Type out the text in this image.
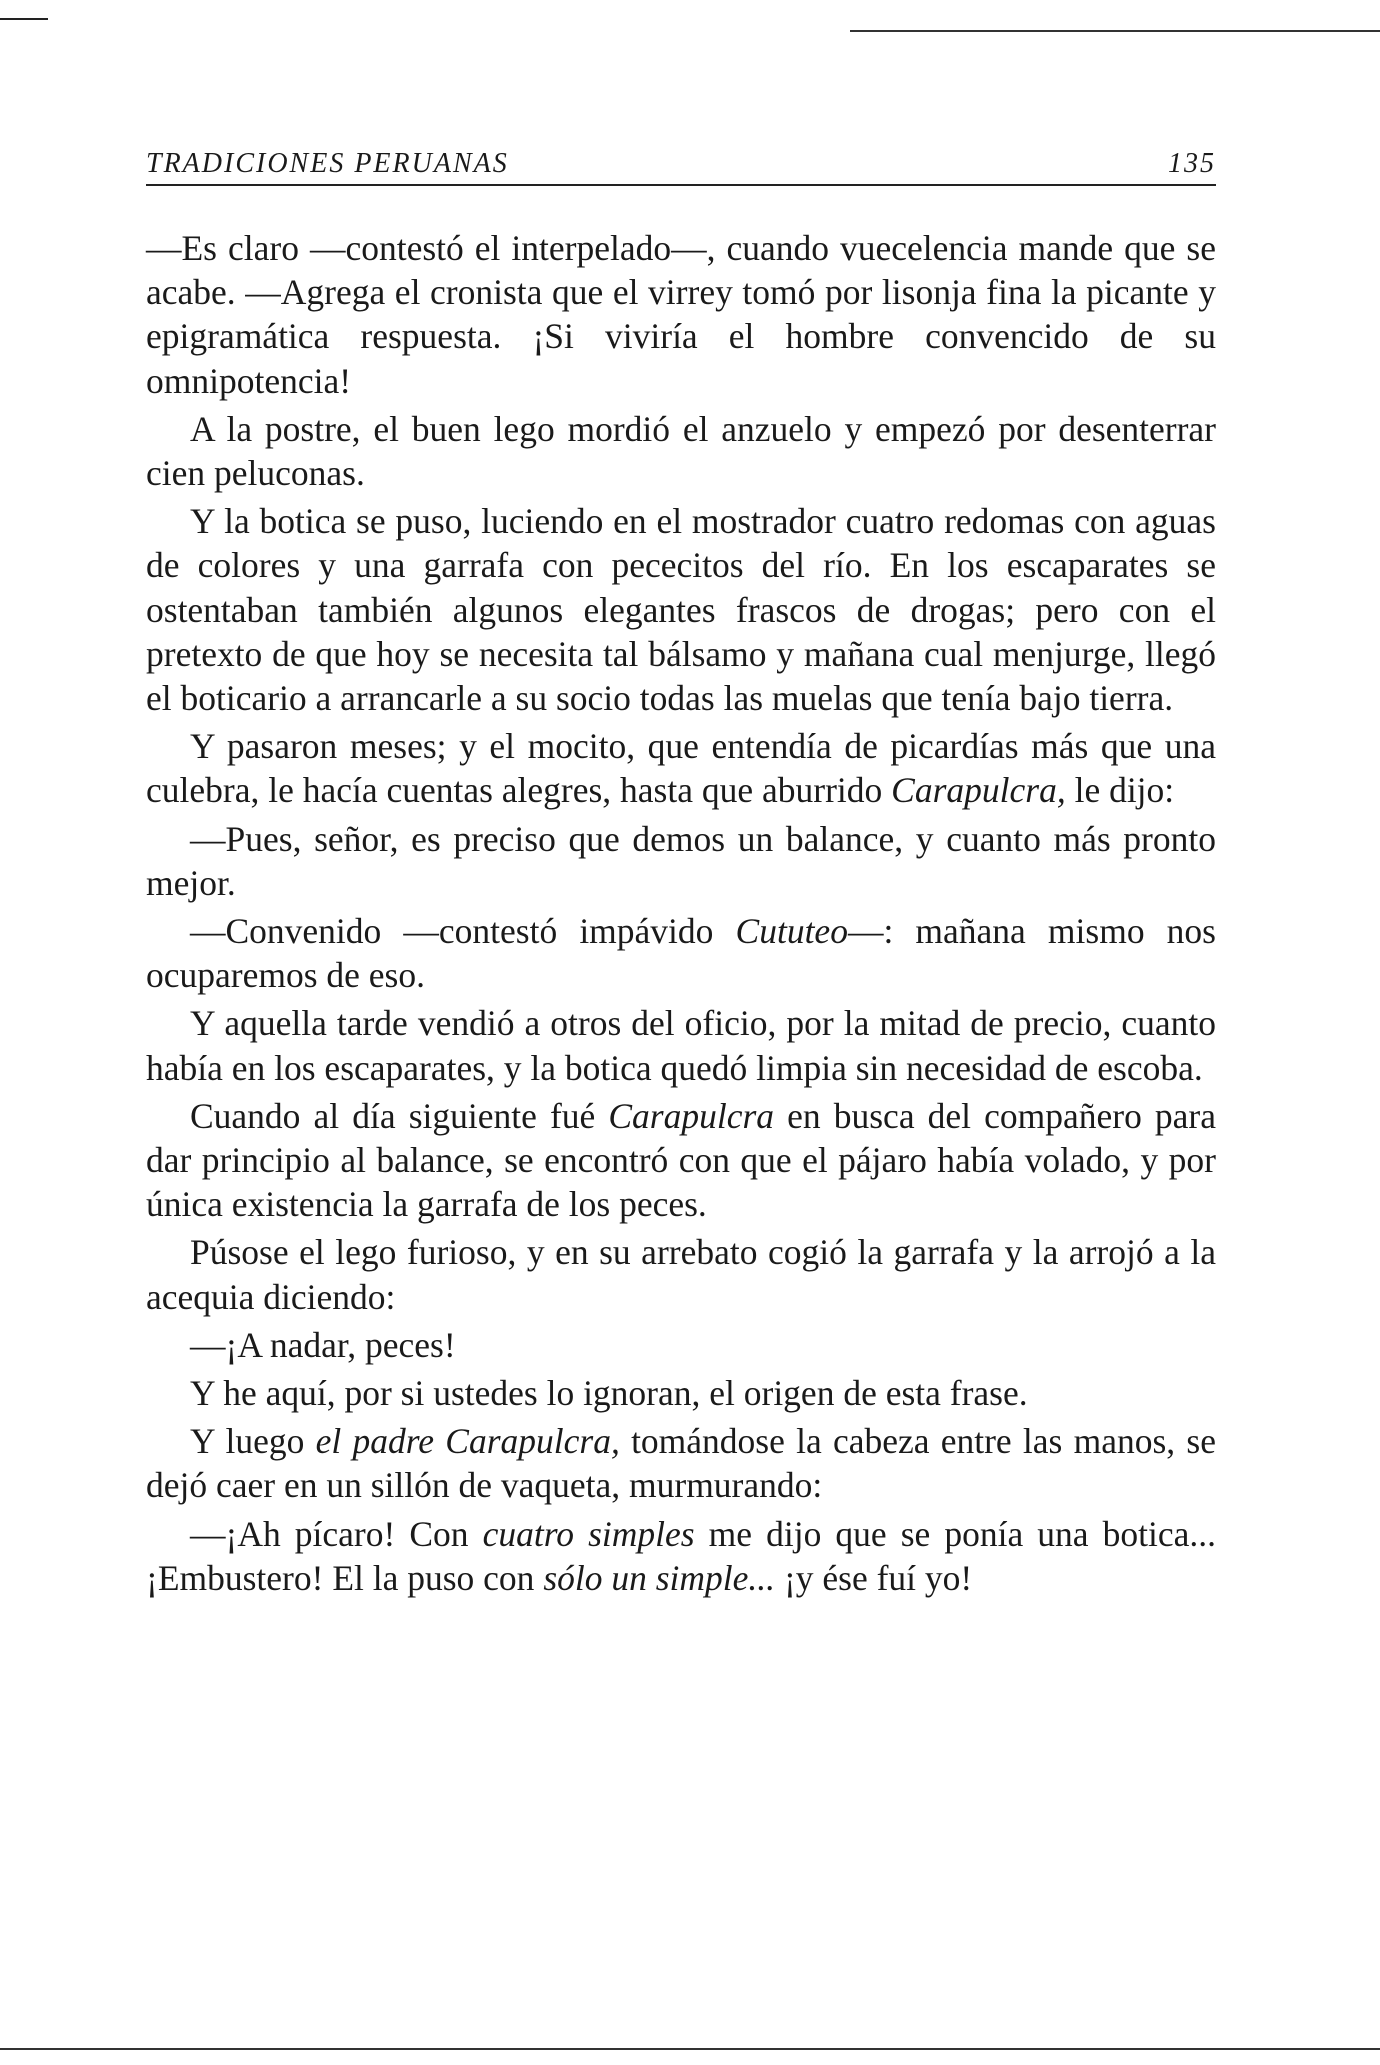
TRADICIONES PERUANAS	135

—Es claro —contestó el interpelado—, cuando vuecelencia mande que se acabe. —Agrega el cronista que el virrey tomó por lisonja fina la picante y epigramática respuesta. ¡Si viviría el hombre convencido de su omnipotencia!

A la postre, el buen lego mordió el anzuelo y empezó por desenterrar cien peluconas.

Y la botica se puso, luciendo en el mostrador cuatro redomas con aguas de colores y una garrafa con pececitos del río. En los escaparates se ostentaban también algunos elegantes frascos de drogas; pero con el pretexto de que hoy se necesita tal bálsamo y mañana cual menjurge, llegó el boticario a arrancarle a su socio todas las muelas que tenía bajo tierra.

Y pasaron meses; y el mocito, que entendía de picardías más que una culebra, le hacía cuentas alegres, hasta que aburrido Carapulcra, le dijo:

—Pues, señor, es preciso que demos un balance, y cuanto más pronto mejor.

—Convenido —contestó impávido Cututeo—: mañana mismo nos ocuparemos de eso.

Y aquella tarde vendió a otros del oficio, por la mitad de precio, cuanto había en los escaparates, y la botica quedó limpia sin necesidad de escoba.

Cuando al día siguiente fué Carapulcra en busca del compañero para dar principio al balance, se encontró con que el pájaro había volado, y por única existencia la garrafa de los peces.

Púsose el lego furioso, y en su arrebato cogió la garrafa y la arrojó a la acequia diciendo:

—¡A nadar, peces!

Y he aquí, por si ustedes lo ignoran, el origen de esta frase.

Y luego el padre Carapulcra, tomándose la cabeza entre las manos, se dejó caer en un sillón de vaqueta, murmurando:

—¡Ah pícaro! Con cuatro simples me dijo que se ponía una botica... ¡Embustero! El la puso con sólo un simple... ¡y ése fuí yo!
